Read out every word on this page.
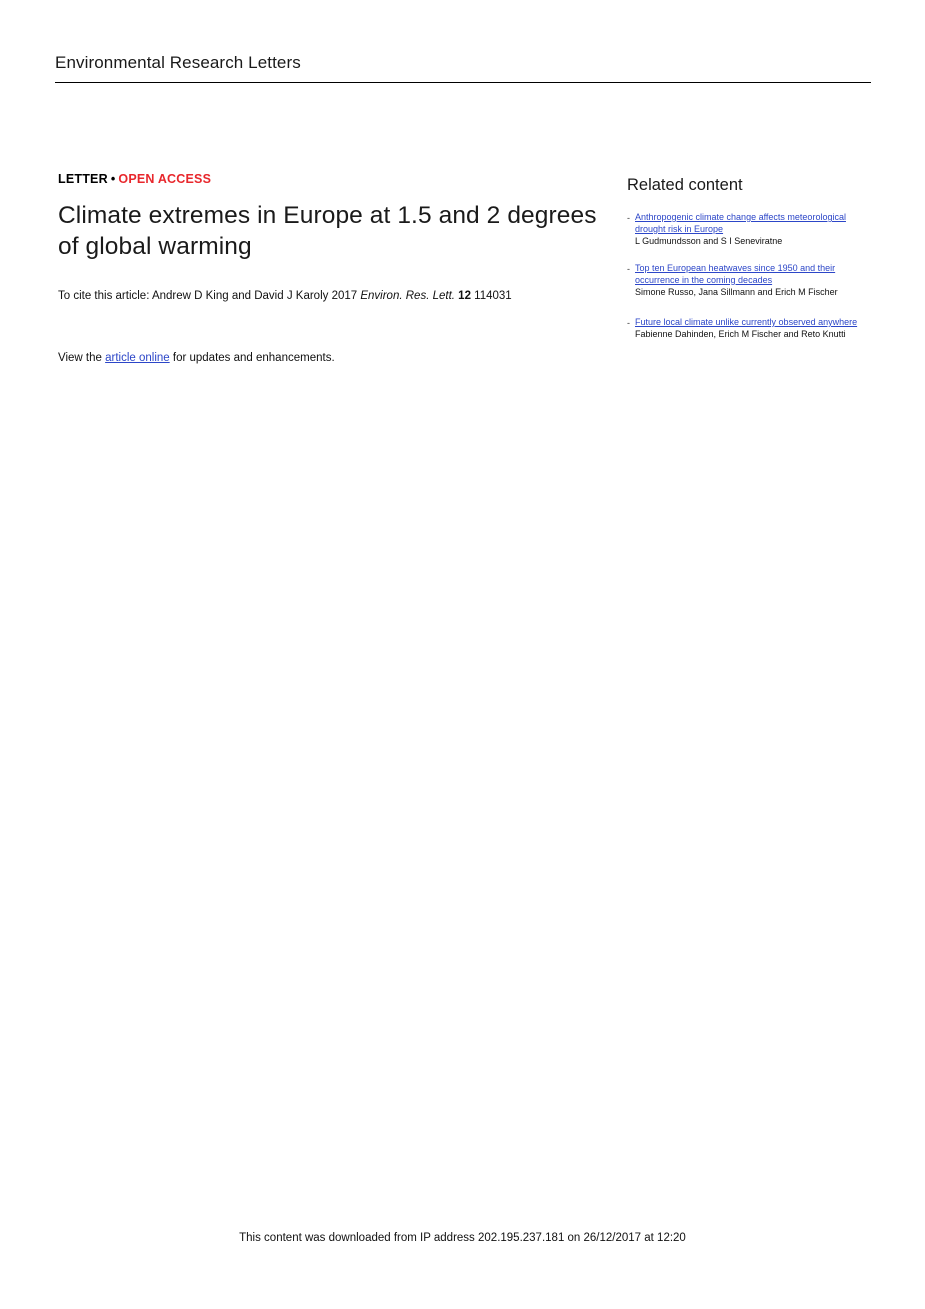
Environmental Research Letters
LETTER • OPEN ACCESS
Climate extremes in Europe at 1.5 and 2 degrees of global warming
To cite this article: Andrew D King and David J Karoly 2017 Environ. Res. Lett. 12 114031
View the article online for updates and enhancements.
Related content
- Anthropogenic climate change affects meteorological drought risk in Europe
L Gudmundsson and S I Seneviratne
- Top ten European heatwaves since 1950 and their occurrence in the coming decades
Simone Russo, Jana Sillmann and Erich M Fischer
- Future local climate unlike currently observed anywhere
Fabienne Dahinden, Erich M Fischer and Reto Knutti
This content was downloaded from IP address 202.195.237.181 on 26/12/2017 at 12:20
